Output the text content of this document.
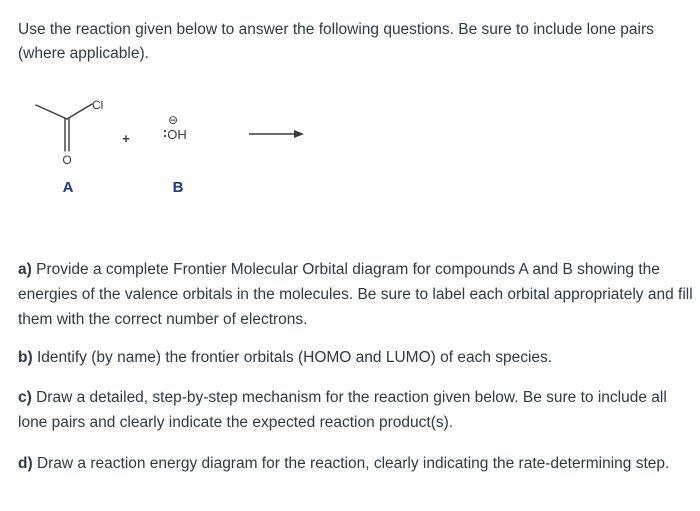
Use the reaction given below to answer the following questions. Be sure to include lone pairs (where applicable).

Cl
O
A
+
⊖
OH
B

a) Provide a complete Frontier Molecular Orbital diagram for compounds A and B showing the energies of the valence orbitals in the molecules. Be sure to label each orbital appropriately and fill them with the correct number of electrons.

b) Identify (by name) the frontier orbitals (HOMO and LUMO) of each species.

c) Draw a detailed, step-by-step mechanism for the reaction given below. Be sure to include all lone pairs and clearly indicate the expected reaction product(s).

d) Draw a reaction energy diagram for the reaction, clearly indicating the rate-determining step.
